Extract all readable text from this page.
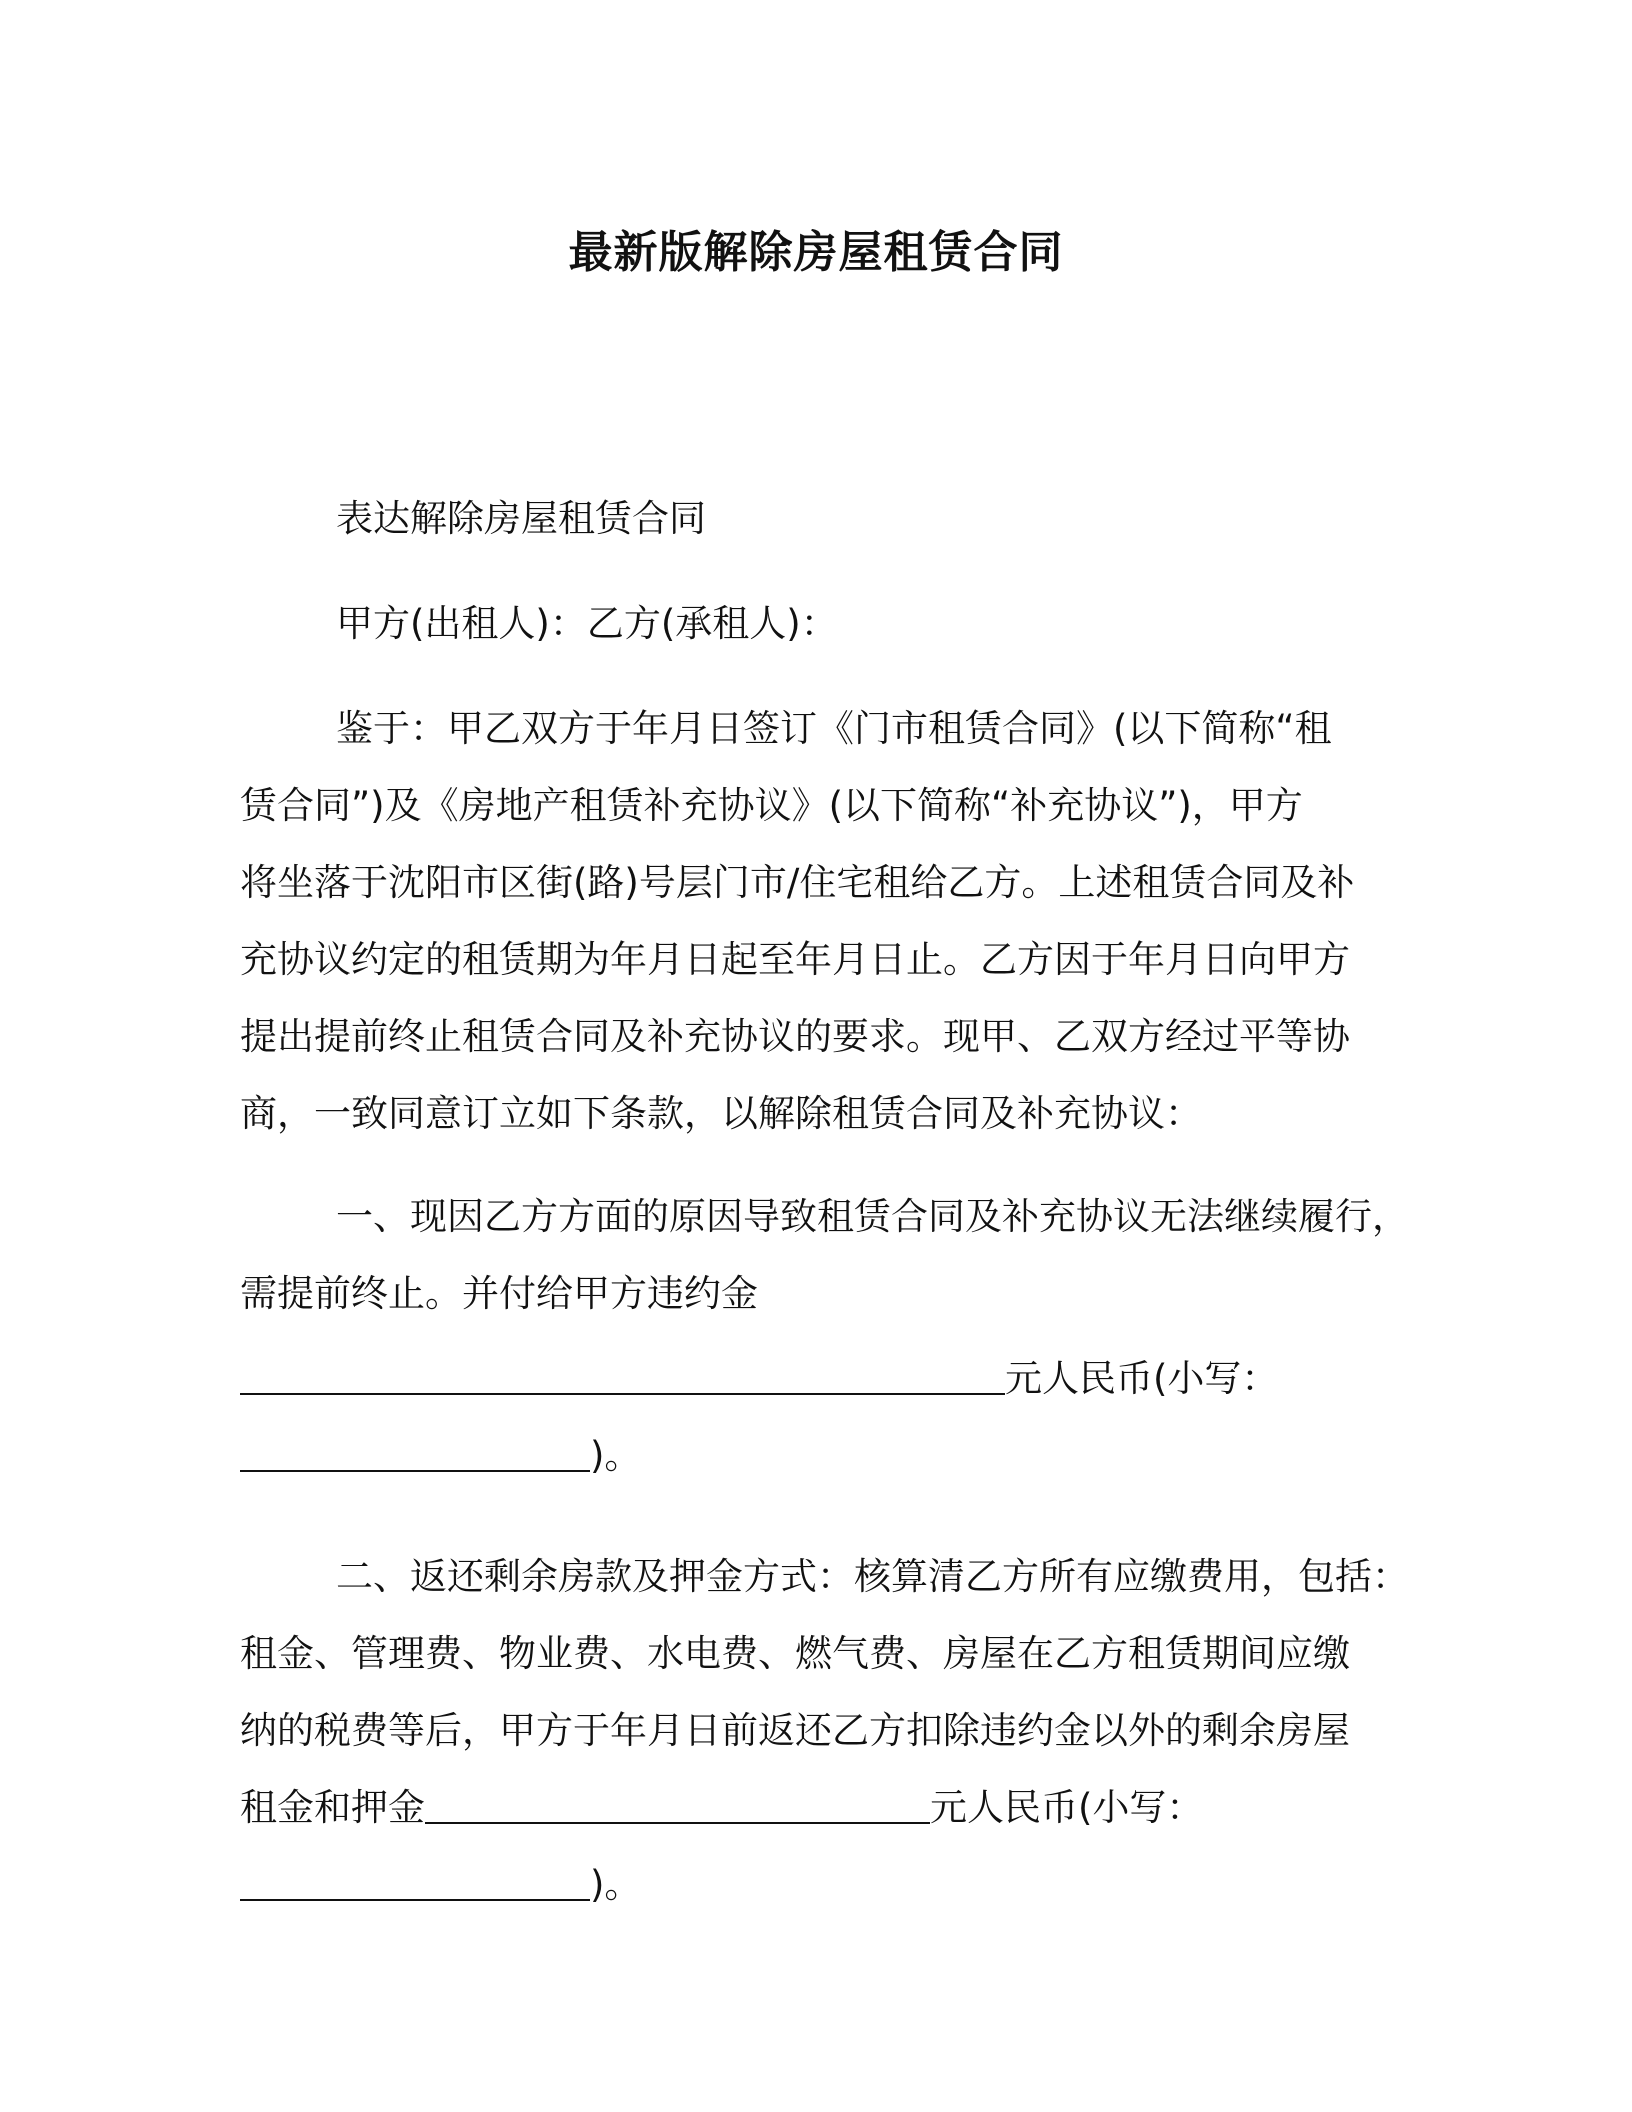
最新版解除房屋租赁合同
表达解除房屋租赁合同
甲方(出租人)：乙方(承租人)：
鉴于：甲乙双方于年月日签订《门市租赁合同》(以下简称“租
赁合同”)及《房地产租赁补充协议》(以下简称“补充协议”)，甲方
将坐落于沈阳市区街(路)号层门市/住宅租给乙方。上述租赁合同及补
充协议约定的租赁期为年月日起至年月日止。乙方因于年月日向甲方
提出提前终止租赁合同及补充协议的要求。现甲、乙双方经过平等协
商，一致同意订立如下条款，以解除租赁合同及补充协议：
一、现因乙方方面的原因导致租赁合同及补充协议无法继续履行，
需提前终止。并付给甲方违约金
元人民币(小写：
)。
二、返还剩余房款及押金方式：核算清乙方所有应缴费用，包括：
租金、管理费、物业费、水电费、燃气费、房屋在乙方租赁期间应缴
纳的税费等后，甲方于年月日前返还乙方扣除违约金以外的剩余房屋
租金和押金	元人民币(小写：
)。
